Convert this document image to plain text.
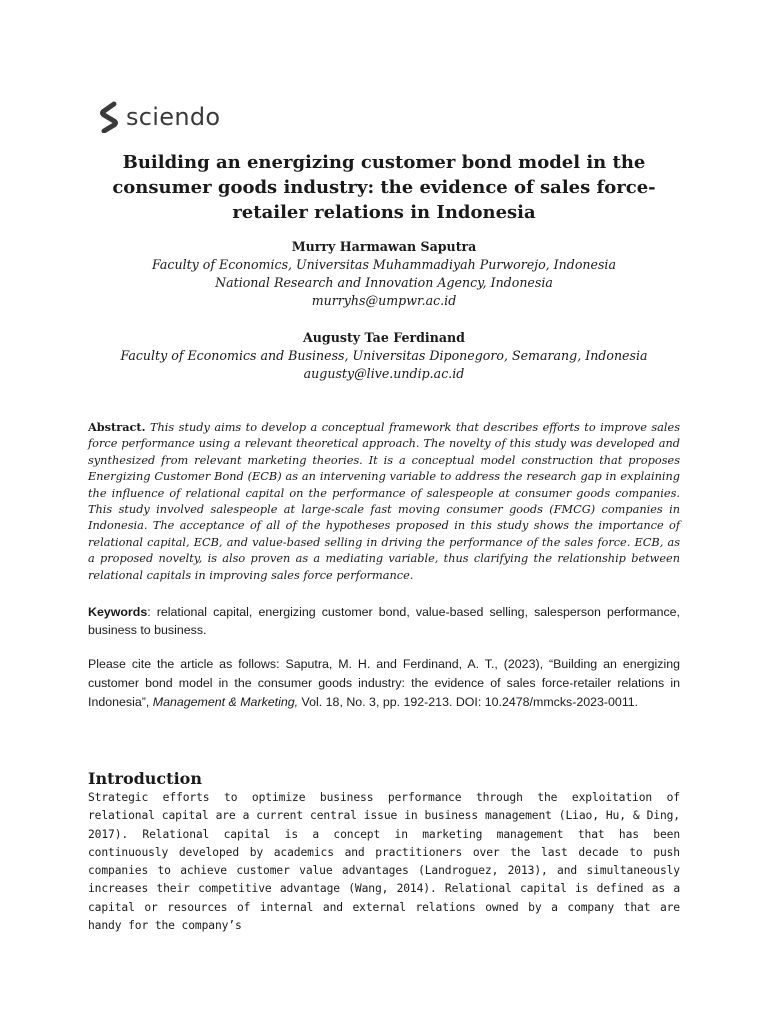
sciendo
Building an energizing customer bond model in the consumer goods industry: the evidence of sales force-retailer relations in Indonesia
Murry Harmawan Saputra
Faculty of Economics, Universitas Muhammadiyah Purworejo, Indonesia
National Research and Innovation Agency, Indonesia
murryhs@umpwr.ac.id
Augusty Tae Ferdinand
Faculty of Economics and Business, Universitas Diponegoro, Semarang, Indonesia
augusty@live.undip.ac.id

Abstract. This study aims to develop a conceptual framework that describes efforts to improve sales force performance using a relevant theoretical approach. The novelty of this study was developed and synthesized from relevant marketing theories. It is a conceptual model construction that proposes Energizing Customer Bond (ECB) as an intervening variable to address the research gap in explaining the influence of relational capital on the performance of salespeople at consumer goods companies. This study involved salespeople at large-scale fast moving consumer goods (FMCG) companies in Indonesia. The acceptance of all of the hypotheses proposed in this study shows the importance of relational capital, ECB, and value-based selling in driving the performance of the sales force. ECB, as a proposed novelty, is also proven as a mediating variable, thus clarifying the relationship between relational capitals in improving sales force performance.

Keywords: relational capital, energizing customer bond, value-based selling, salesperson performance, business to business.

Please cite the article as follows: Saputra, M. H. and Ferdinand, A. T., (2023), “Building an energizing customer bond model in the consumer goods industry: the evidence of sales force-retailer relations in Indonesia”, Management & Marketing, Vol. 18, No. 3, pp. 192-213. DOI: 10.2478/mmcks-2023-0011.

Introduction

Strategic efforts to optimize business performance through the exploitation of relational capital are a current central issue in business management (Liao, Hu, & Ding, 2017). Relational capital is a concept in marketing management that has been continuously developed by academics and practitioners over the last decade to push companies to achieve customer value advantages (Landroguez, 2013), and simultaneously increases their competitive advantage (Wang, 2014). Relational capital is defined as a capital or resources of internal and external relations owned by a company that are handy for the company’s
